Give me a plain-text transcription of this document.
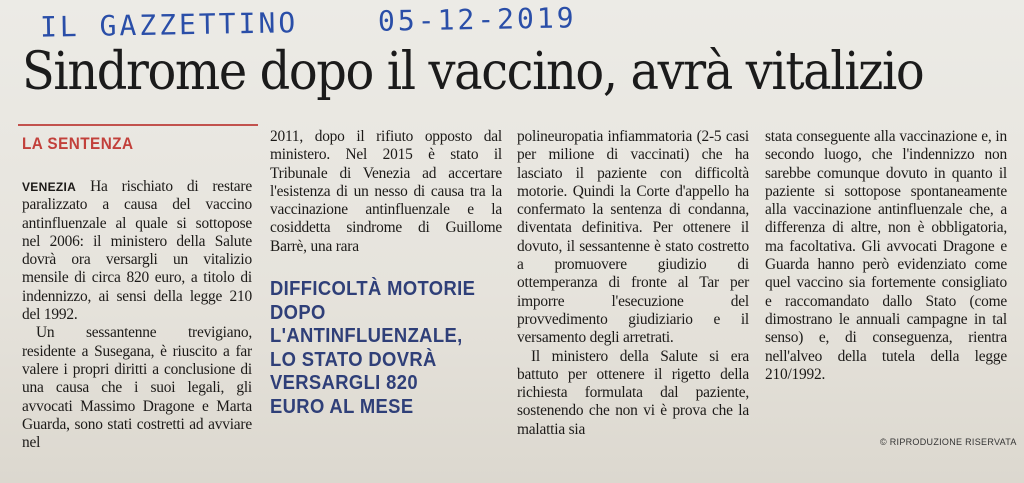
IL GAZZETTINO	05-12-2019
Sindrome dopo il vaccino, avrà vitalizio
LA SENTENZA

VENEZIA Ha rischiato di restare paralizzato a causa del vaccino antinfluenzale al quale si sottopose nel 2006: il ministero della Salute dovrà ora versargli un vitalizio mensile di circa 820 euro, a titolo di indennizzo, ai sensi della legge 210 del 1992.

Un sessantenne trevigiano, residente a Susegana, è riuscito a far valere i propri diritti a conclusione di una causa che i suoi legali, gli avvocati Massimo Dragone e Marta Guarda, sono stati costretti ad avviare nel

2011, dopo il rifiuto opposto dal ministero. Nel 2015 è stato il Tribunale di Venezia ad accertare l'esistenza di un nesso di causa tra la vaccinazione antinfluenzale e la cosiddetta sindrome di Guillome Barrè, una rara

DIFFICOLTÀ MOTORIE DOPO L'ANTINFLUENZALE, LO STATO DOVRÀ VERSARGLI 820 EURO AL MESE

polineuropatia infiammatoria (2-5 casi per milione di vaccinati) che ha lasciato il paziente con difficoltà motorie. Quindi la Corte d'appello ha confermato la sentenza di condanna, diventata definitiva. Per ottenere il dovuto, il sessantenne è stato costretto a promuovere giudizio di ottemperanza di fronte al Tar per imporre l'esecuzione del provvedimento giudiziario e il versamento degli arretrati.

Il ministero della Salute si era battuto per ottenere il rigetto della richiesta formulata dal paziente, sostenendo che non vi è prova che la malattia sia

stata conseguente alla vaccinazione e, in secondo luogo, che l'indennizzo non sarebbe comunque dovuto in quanto il paziente si sottopose spontaneamente alla vaccinazione antinfluenzale che, a differenza di altre, non è obbligatoria, ma facoltativa. Gli avvocati Dragone e Guarda hanno però evidenziato come quel vaccino sia fortemente consigliato e raccomandato dallo Stato (come dimostrano le annuali campagne in tal senso) e, di conseguenza, rientra nell'alveo della tutela della legge 210/1992.

© RIPRODUZIONE RISERVATA
